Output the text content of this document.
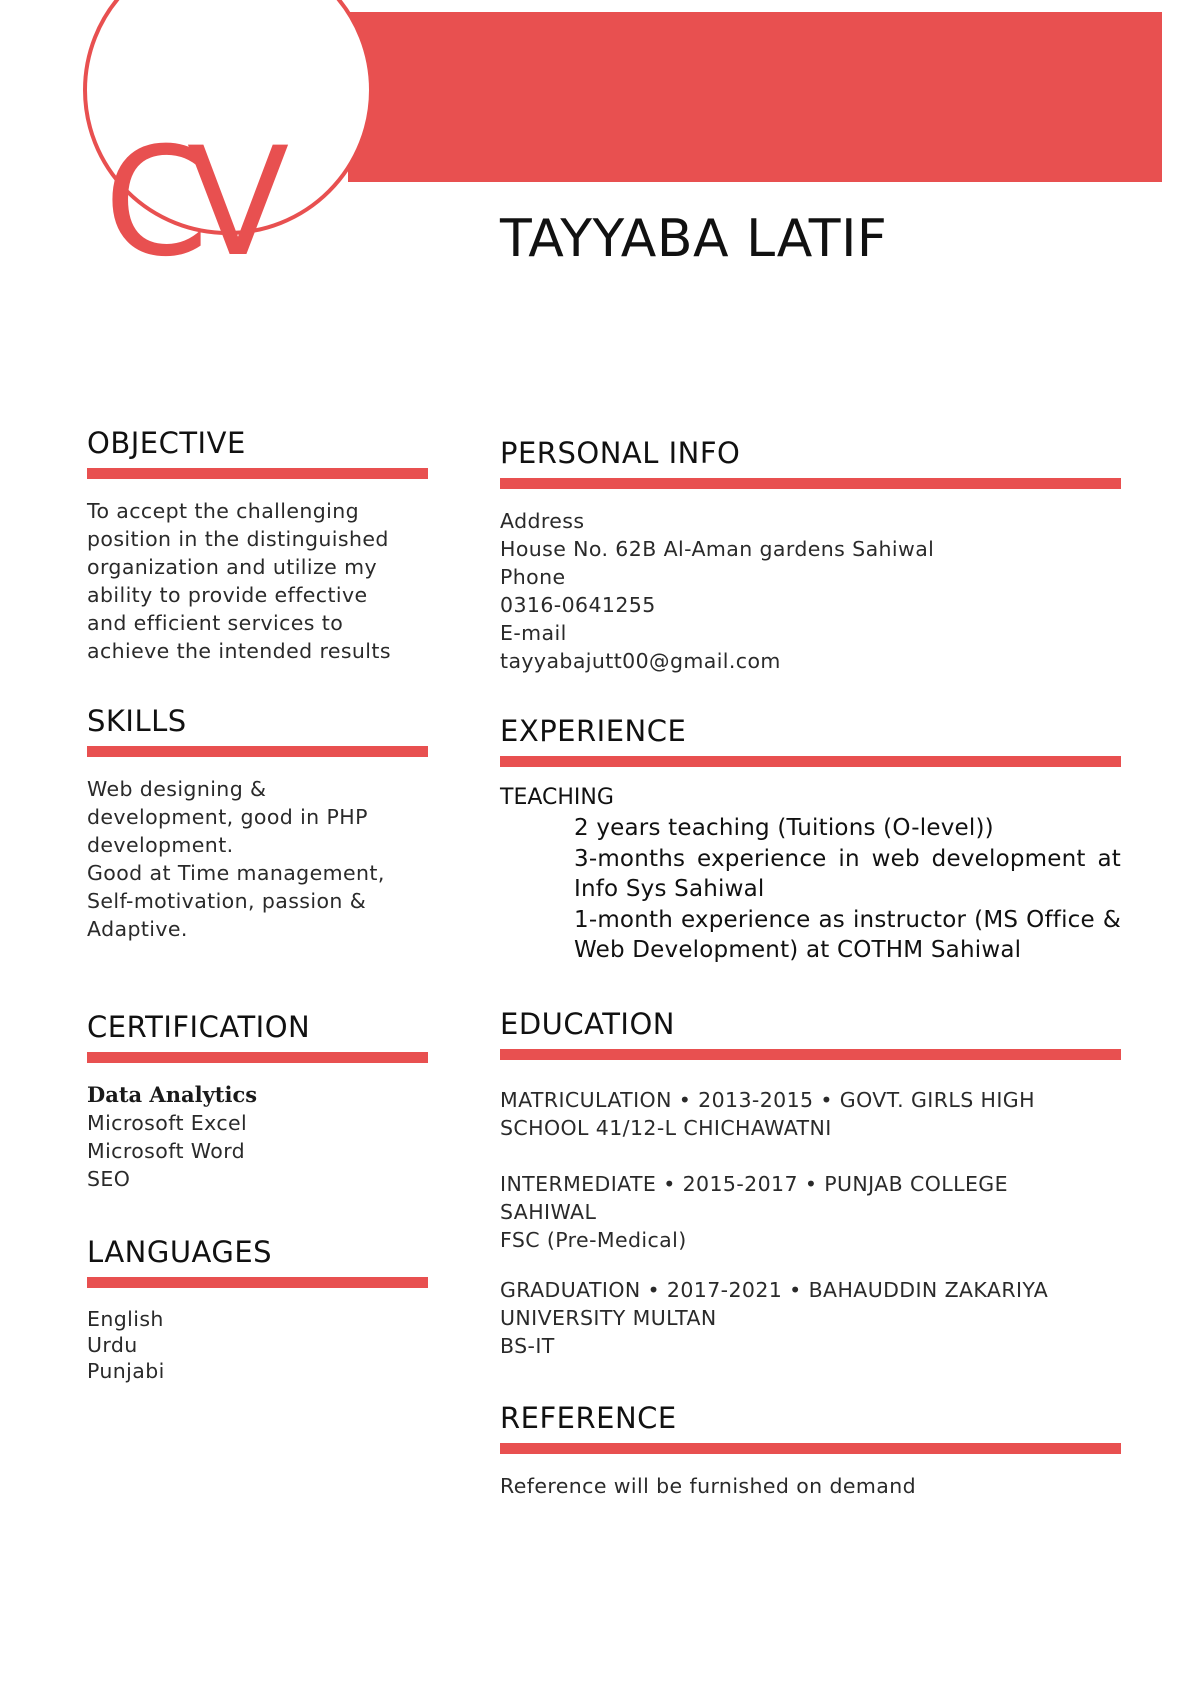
CV	TAYYABA LATIF
OBJECTIVE
To accept the challenging
position in the distinguished
organization and utilize my
ability to provide effective
and efficient services to
achieve the intended results
SKILLS
Web designing &
development, good in PHP
development.
Good at Time management,
Self-motivation, passion &
Adaptive.
CERTIFICATION
Data Analytics
Microsoft Excel
Microsoft Word
SEO
LANGUAGES
English
Urdu
Punjabi
PERSONAL INFO
Address
House No. 62B Al-Aman gardens Sahiwal
Phone
0316-0641255
E-mail
tayyabajutt00@gmail.com
EXPERIENCE
TEACHING
2 years teaching (Tuitions (O-level))
3-months experience in web development at Info Sys Sahiwal
1-month experience as instructor (MS Office & Web Development) at COTHM Sahiwal
EDUCATION
MATRICULATION • 2013-2015 • GOVT. GIRLS HIGH SCHOOL 41/12-L CHICHAWATNI
INTERMEDIATE • 2015-2017 • PUNJAB COLLEGE SAHIWAL
FSC (Pre-Medical)
GRADUATION • 2017-2021 • BAHAUDDIN ZAKARIYA UNIVERSITY MULTAN
BS-IT
REFERENCE
Reference will be furnished on demand
